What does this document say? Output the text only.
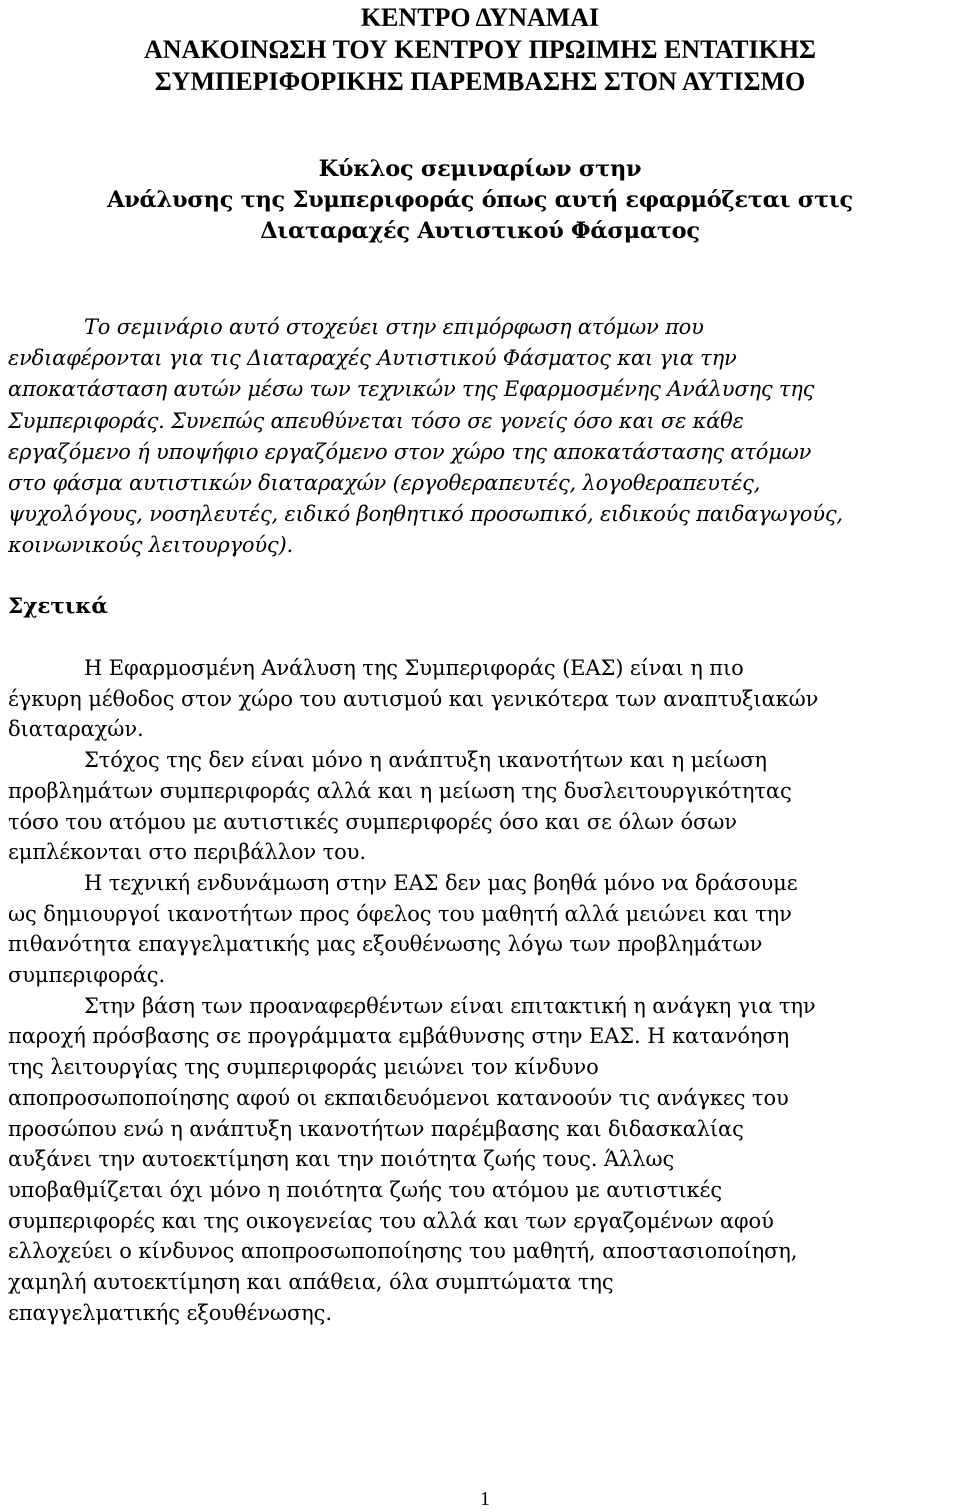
ΚΕΝΤΡΟ ΔΥΝΑΜΑΙ
ΑΝΑΚΟΙΝΩΣΗ ΤΟΥ ΚΕΝΤΡΟΥ ΠΡΩΙΜΗΣ ΕΝΤΑΤΙΚΗΣ
ΣΥΜΠΕΡΙΦΟΡΙΚΗΣ ΠΑΡΕΜΒΑΣΗΣ ΣΤΟΝ ΑΥΤΙΣΜΟ
Κύκλος σεμιναρίων στην
Ανάλυσης της Συμπεριφοράς όπως αυτή εφαρμόζεται στις
Διαταραχές Αυτιστικού Φάσματος
Το σεμινάριο αυτό στοχεύει στην επιμόρφωση ατόμων που
ενδιαφέρονται για τις Διαταραχές Αυτιστικού Φάσματος και για την
αποκατάσταση αυτών μέσω των τεχνικών της Εφαρμοσμένης Ανάλυσης της
Συμπεριφοράς. Συνεπώς απευθύνεται τόσο σε γονείς όσο και σε κάθε
εργαζόμενο ή υποψήφιο εργαζόμενο στον χώρο της αποκατάστασης ατόμων
στο φάσμα αυτιστικών διαταραχών (εργοθεραπευτές, λογοθεραπευτές,
ψυχολόγους, νοσηλευτές, ειδικό βοηθητικό προσωπικό, ειδικούς παιδαγωγούς,
κοινωνικούς λειτουργούς).
Σχετικά
Η Εφαρμοσμένη Ανάλυση της Συμπεριφοράς (ΕΑΣ) είναι η πιο
έγκυρη μέθοδος στον χώρο του αυτισμού και γενικότερα των αναπτυξιακών
διαταραχών.
Στόχος της δεν είναι μόνο η ανάπτυξη ικανοτήτων και η μείωση
προβλημάτων συμπεριφοράς αλλά και η μείωση της δυσλειτουργικότητας
τόσο του ατόμου με αυτιστικές συμπεριφορές όσο και σε όλων όσων
εμπλέκονται στο περιβάλλον του.
Η τεχνική ενδυνάμωση στην ΕΑΣ δεν μας βοηθά μόνο να δράσουμε
ως δημιουργοί ικανοτήτων προς όφελος του μαθητή αλλά μειώνει και την
πιθανότητα επαγγελματικής μας εξουθένωσης λόγω των προβλημάτων
συμπεριφοράς.
Στην βάση των προαναφερθέντων είναι επιτακτική η ανάγκη για την
παροχή πρόσβασης σε προγράμματα εμβάθυνσης στην ΕΑΣ. Η κατανόηση
της λειτουργίας της συμπεριφοράς μειώνει τον κίνδυνο
αποπροσωποποίησης αφού οι εκπαιδευόμενοι κατανοούν τις ανάγκες του
προσώπου ενώ η ανάπτυξη ικανοτήτων παρέμβασης και διδασκαλίας
αυξάνει την αυτοεκτίμηση και την ποιότητα ζωής τους. Άλλως
υποβαθμίζεται όχι μόνο η ποιότητα ζωής του ατόμου με αυτιστικές
συμπεριφορές και της οικογενείας του αλλά και των εργαζομένων αφού
ελλοχεύει ο κίνδυνος αποπροσωποποίησης του μαθητή, αποστασιοποίηση,
χαμηλή αυτοεκτίμηση και απάθεια, όλα συμπτώματα της
επαγγελματικής εξουθένωσης.
1
